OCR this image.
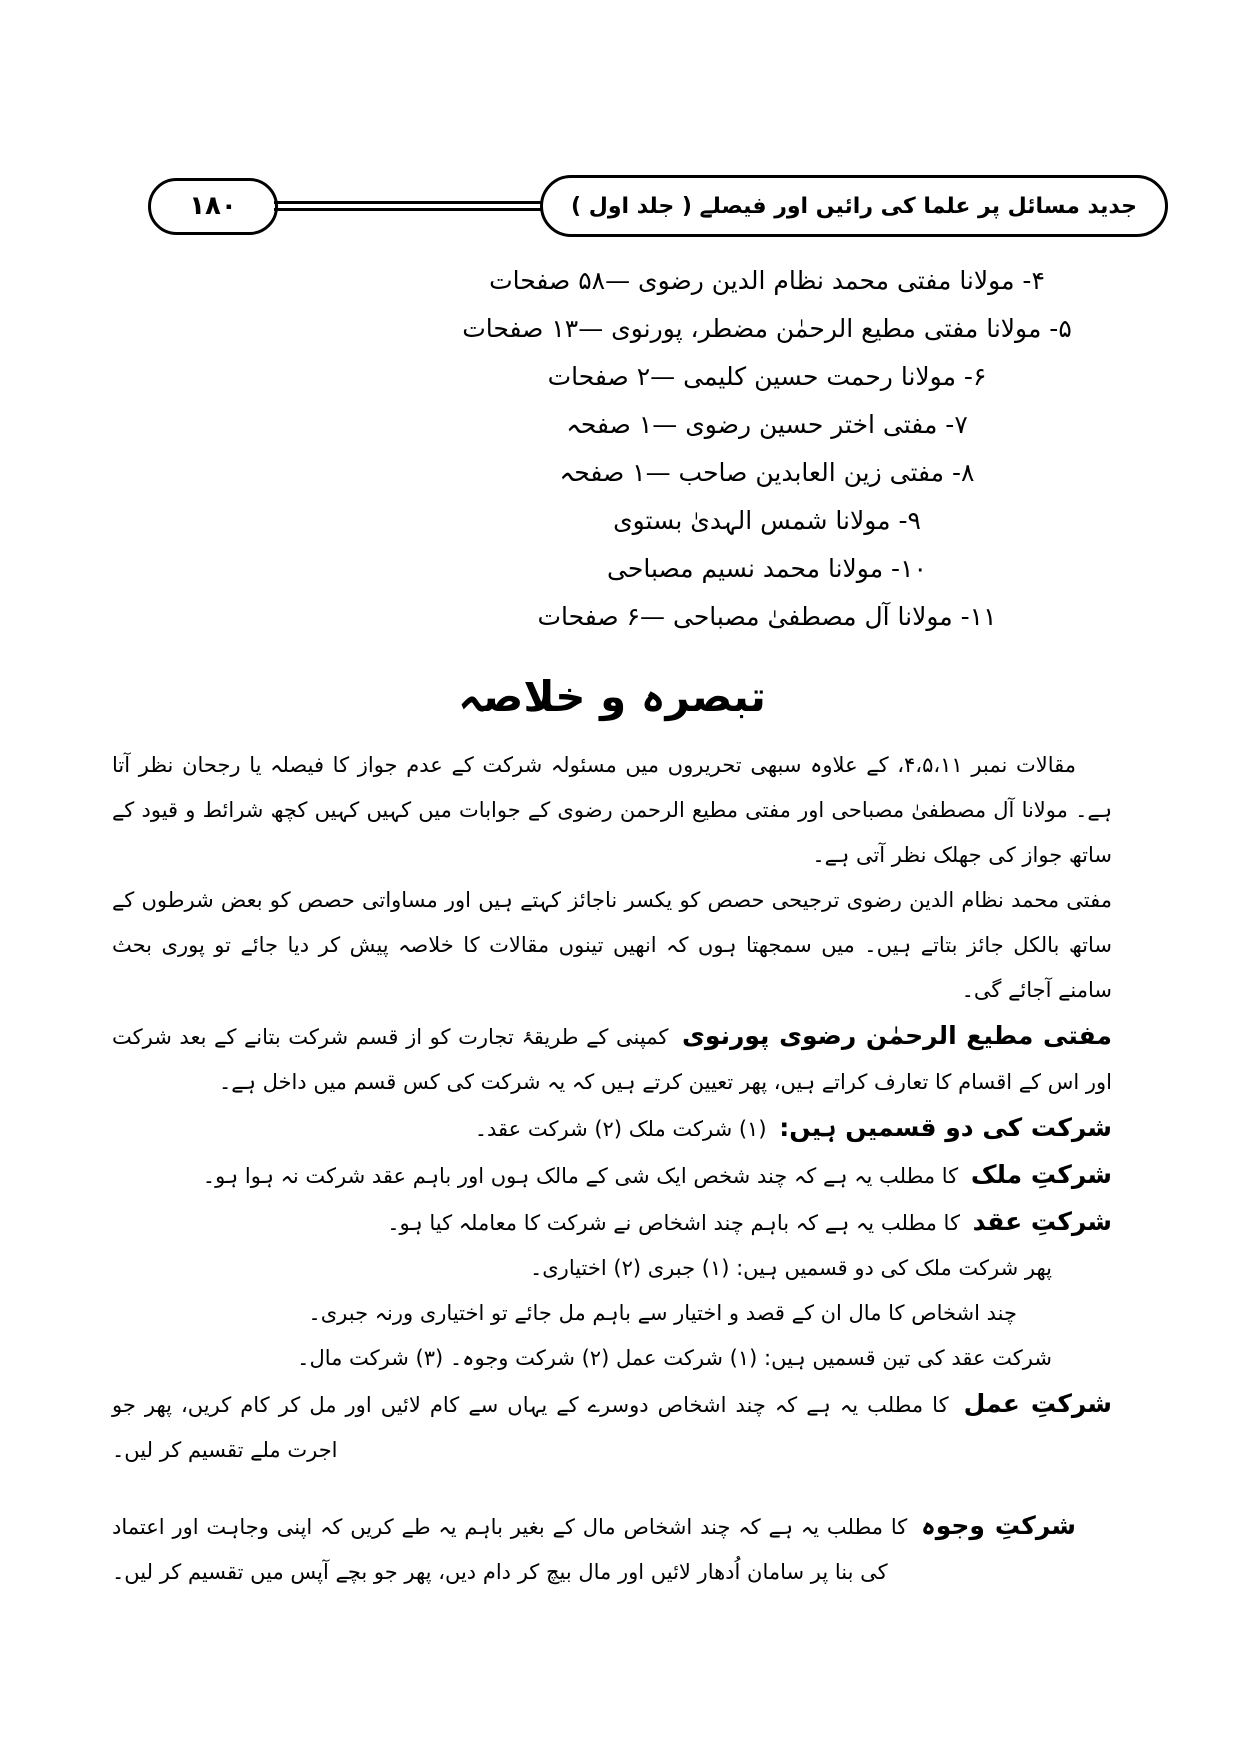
۱۸۰	جدید مسائل پر علما کی رائیں اور فیصلے ( جلد اول )
۴- مولانا مفتی محمد نظام الدین رضوی —۵۸ صفحات
۵- مولانا مفتی مطیع الرحمٰن مضطر، پورنوی —۱۳ صفحات
۶- مولانا رحمت حسین کلیمی —۲ صفحات
۷- مفتی اختر حسین رضوی —۱ صفحہ
۸- مفتی زین العابدین صاحب —۱ صفحہ
۹- مولانا شمس الہدیٰ بستوی
۱۰- مولانا محمد نسیم مصباحی
۱۱- مولانا آل مصطفیٰ مصباحی —۶ صفحات
تبصرہ و خلاصہ

مقالات نمبر ۴،۵،۱۱، کے علاوہ سبھی تحریروں میں مسئولہ شرکت کے عدم جواز کا فیصلہ یا رجحان نظر آتا ہے۔ مولانا آل مصطفیٰ مصباحی اور مفتی مطیع الرحمن رضوی کے جوابات میں کہیں کہیں کچھ شرائط و قیود کے ساتھ جواز کی جھلک نظر آتی ہے۔

مفتی محمد نظام الدین رضوی ترجیحی حصص کو یکسر ناجائز کہتے ہیں اور مساواتی حصص کو بعض شرطوں کے ساتھ بالکل جائز بتاتے ہیں۔ میں سمجھتا ہوں کہ انھیں تینوں مقالات کا خلاصہ پیش کر دیا جائے تو پوری بحث سامنے آجائے گی۔

مفتی مطیع الرحمٰن رضوی پورنوی کمپنی کے طریقۂ تجارت کو از قسم شرکت بتانے کے بعد شرکت اور اس کے اقسام کا تعارف کراتے ہیں، پھر تعیین کرتے ہیں کہ یہ شرکت کی کس قسم میں داخل ہے۔

شرکت کی دو قسمیں ہیں: (۱) شرکت ملک (۲) شرکت عقد۔

شرکتِ ملک کا مطلب یہ ہے کہ چند شخص ایک شی کے مالک ہوں اور باہم عقد شرکت نہ ہوا ہو۔

شرکتِ عقد کا مطلب یہ ہے کہ باہم چند اشخاص نے شرکت کا معاملہ کیا ہو۔

پھر شرکت ملک کی دو قسمیں ہیں: (۱) جبری (۲) اختیاری۔

چند اشخاص کا مال ان کے قصد و اختیار سے باہم مل جائے تو اختیاری ورنہ جبری۔

شرکت عقد کی تین قسمیں ہیں: (۱) شرکت عمل (۲) شرکت وجوہ۔ (۳) شرکت مال۔

شرکتِ عمل کا مطلب یہ ہے کہ چند اشخاص دوسرے کے یہاں سے کام لائیں اور مل کر کام کریں، پھر جو اجرت ملے تقسیم کر لیں۔

شرکتِ وجوہ کا مطلب یہ ہے کہ چند اشخاص مال کے بغیر باہم یہ طے کریں کہ اپنی وجاہت اور اعتماد کی بنا پر سامان اُدھار لائیں اور مال بیچ کر دام دیں، پھر جو بچے آپس میں تقسیم کر لیں۔
